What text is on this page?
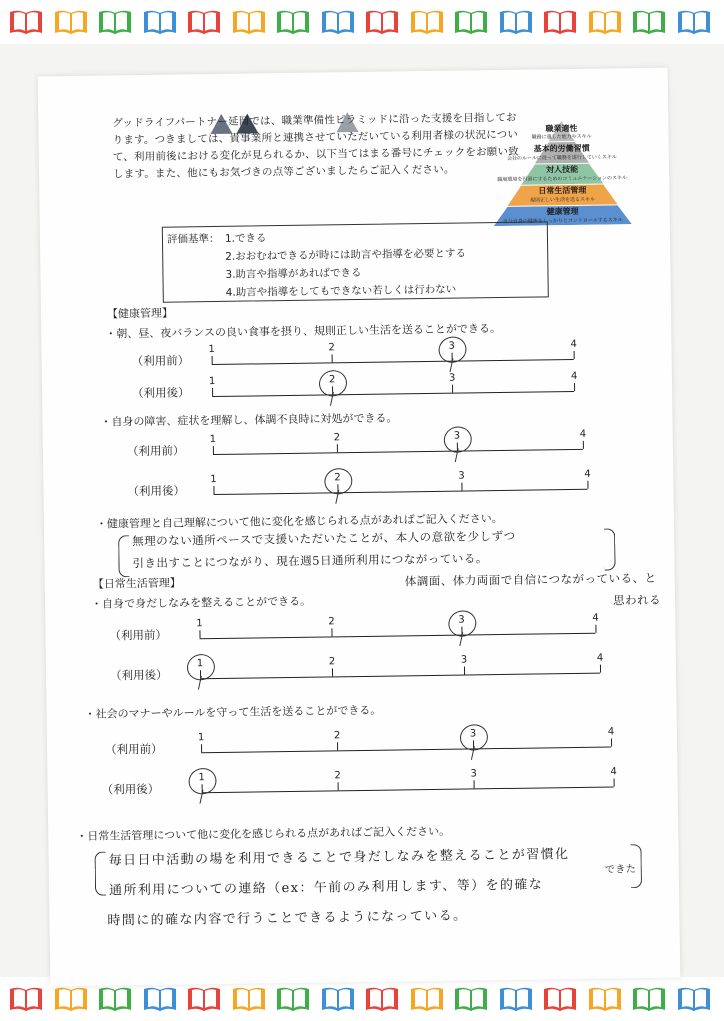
グッドライフパートナー延岡では、職業準備性ピラミッドに沿った支援を目指しております。つきましては、貴事業所と連携させていただいている利用者様の状況について、利用前後における変化が見られるか、以下当てはまる番号にチェックをお願い致します。また、他にもお気づきの点等ございましたらご記入ください。
職業適性
職務に適した能力やスキル
基本的労働習慣
会社のルールに従って職務を遂行していくスキル
対人技能
職場環境を円滑にするためのコミュニケーションのスキル
日常生活管理
規則正しい生活を送るスキル
健康管理
自分自身の健康をしっかりとコントロールするスキル
評価基準： 1.できる
2.おおむねできるが時には助言や指導を必要とする
3.助言や指導があればできる
4.助言や指導をしてもできない若しくは行わない
【健康管理】
・朝、昼、夜バランスの良い食事を摂り、規則正しい生活を送ることができる。
（利用前）
1	2	3	4
（利用後）
1	2	3	4
・自身の障害、症状を理解し、体調不良時に対処ができる。
（利用前）
1	2	3	4
（利用後）
1	2	3	4
・健康管理と自己理解について他に変化を感じられる点があればご記入ください。
無理のない通所ペースで支援いただいたことが、本人の意欲を少しずつ
引き出すことにつながり、現在週5日通所利用につながっている。
体調面、体力両面で自信につながっている、と
思われる
【日常生活管理】
・自身で身だしなみを整えることができる。
（利用前）
1	2	3	4
（利用後）
1	2	3	4
・社会のマナーやルールを守って生活を送ることができる。
（利用前）
1	2	3	4
（利用後）
1	2	3	4
・日常生活管理について他に変化を感じられる点があればご記入ください。
毎日日中活動の場を利用できることで身だしなみを整えることが習慣化
できた
通所利用についての連絡（ex：午前のみ利用します、等）を的確な
時間に的確な内容で行うことできるようになっている。
